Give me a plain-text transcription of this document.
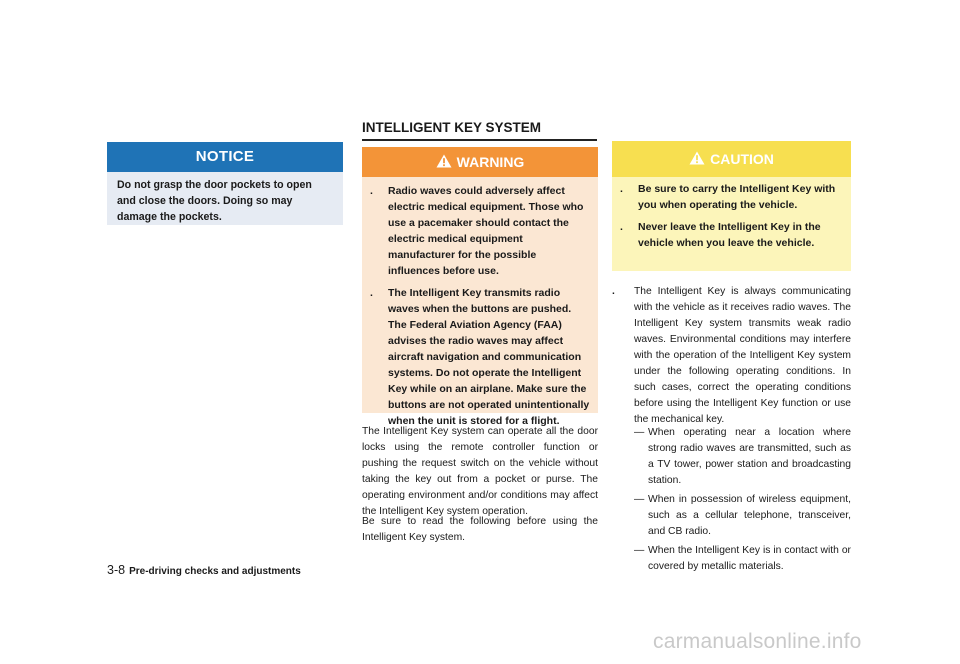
NOTICE
Do not grasp the door pockets to open and close the doors. Doing so may damage the pockets.
INTELLIGENT KEY SYSTEM
WARNING
. Radio waves could adversely affect electric medical equipment. Those who use a pacemaker should contact the electric medical equipment manufacturer for the possible influences before use.
. The Intelligent Key transmits radio waves when the buttons are pushed. The Federal Aviation Agency (FAA) advises the radio waves may affect aircraft navigation and communication systems. Do not operate the Intelligent Key while on an airplane. Make sure the buttons are not operated unintentionally when the unit is stored for a flight.
CAUTION
. Be sure to carry the Intelligent Key with you when operating the vehicle.
. Never leave the Intelligent Key in the vehicle when you leave the vehicle.
The Intelligent Key system can operate all the door locks using the remote controller function or pushing the request switch on the vehicle without taking the key out from a pocket or purse. The operating environment and/or conditions may affect the Intelligent Key system operation.
Be sure to read the following before using the Intelligent Key system.
. The Intelligent Key is always communicating with the vehicle as it receives radio waves. The Intelligent Key system transmits weak radio waves. Environmental conditions may interfere with the operation of the Intelligent Key system under the following operating conditions. In such cases, correct the operating conditions before using the Intelligent Key function or use the mechanical key.
— When operating near a location where strong radio waves are transmitted, such as a TV tower, power station and broadcasting station.
— When in possession of wireless equipment, such as a cellular telephone, transceiver, and CB radio.
— When the Intelligent Key is in contact with or covered by metallic materials.
3-8 Pre-driving checks and adjustments
carmanualsonline.info
